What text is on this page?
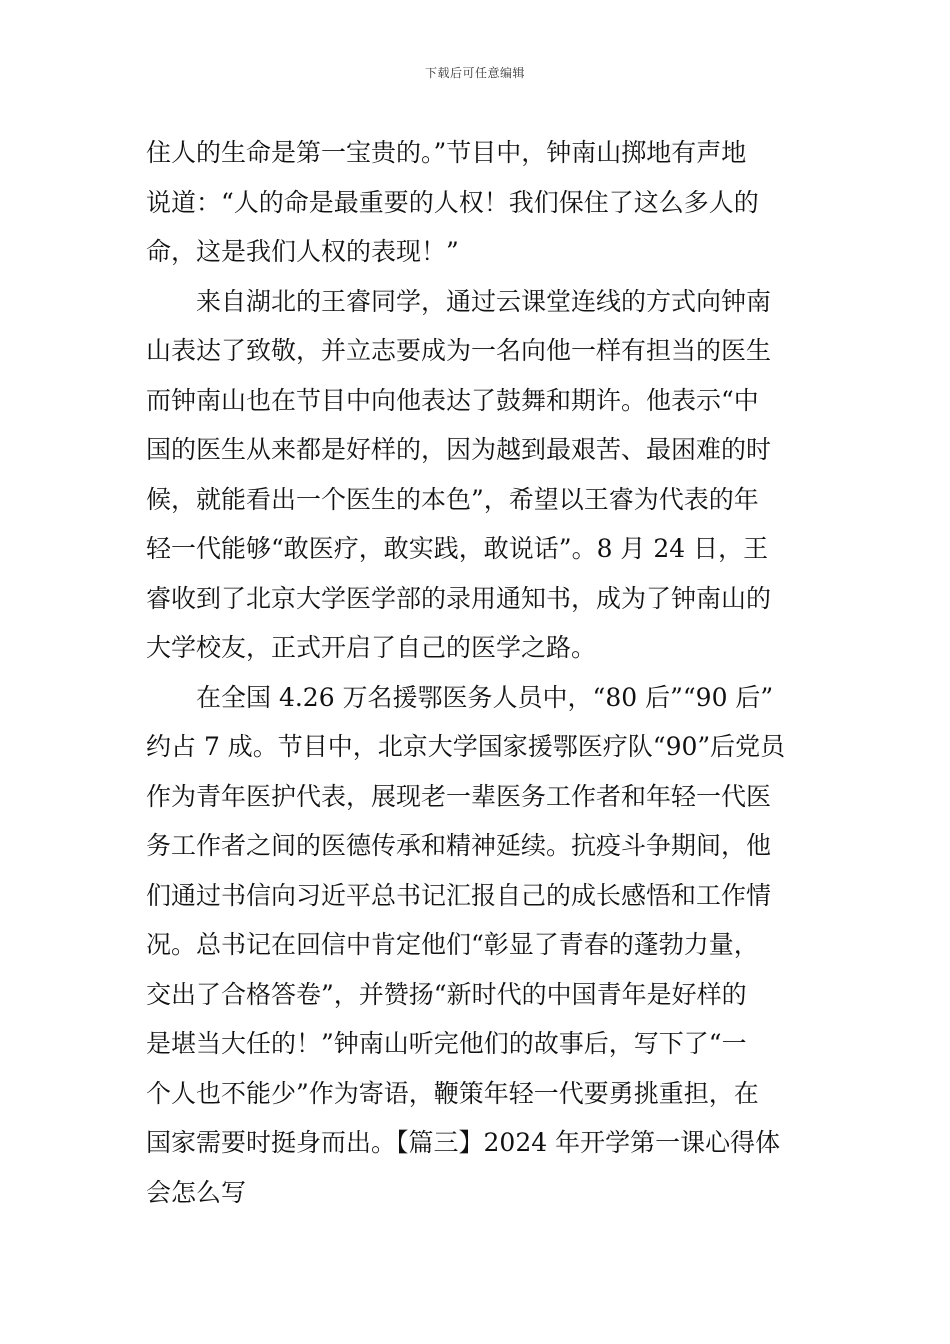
下载后可任意编辑
住人的生命是第一宝贵的。”节目中，钟南山掷地有声地
说道：“人的命是最重要的人权！我们保住了这么多人的
命，这是我们人权的表现！”
来自湖北的王睿同学，通过云课堂连线的方式向钟南
山表达了致敬，并立志要成为一名向他一样有担当的医生
而钟南山也在节目中向他表达了鼓舞和期许。他表示“中
国的医生从来都是好样的，因为越到最艰苦、最困难的时
候，就能看出一个医生的本色”，希望以王睿为代表的年
轻一代能够“敢医疗，敢实践，敢说话”。8 月 24 日，王
睿收到了北京大学医学部的录用通知书，成为了钟南山的
大学校友，正式开启了自己的医学之路。
在全国 4.26 万名援鄂医务人员中，“80 后”“90 后”
约占 7 成。节目中，北京大学国家援鄂医疗队“90”后党员
作为青年医护代表，展现老一辈医务工作者和年轻一代医
务工作者之间的医德传承和精神延续。抗疫斗争期间，他
们通过书信向习近平总书记汇报自己的成长感悟和工作情
况。总书记在回信中肯定他们“彰显了青春的蓬勃力量，
交出了合格答卷”，并赞扬“新时代的中国青年是好样的
是堪当大任的！”钟南山听完他们的故事后，写下了“一
个人也不能少”作为寄语，鞭策年轻一代要勇挑重担，在
国家需要时挺身而出。【篇三】2024 年开学第一课心得体
会怎么写
